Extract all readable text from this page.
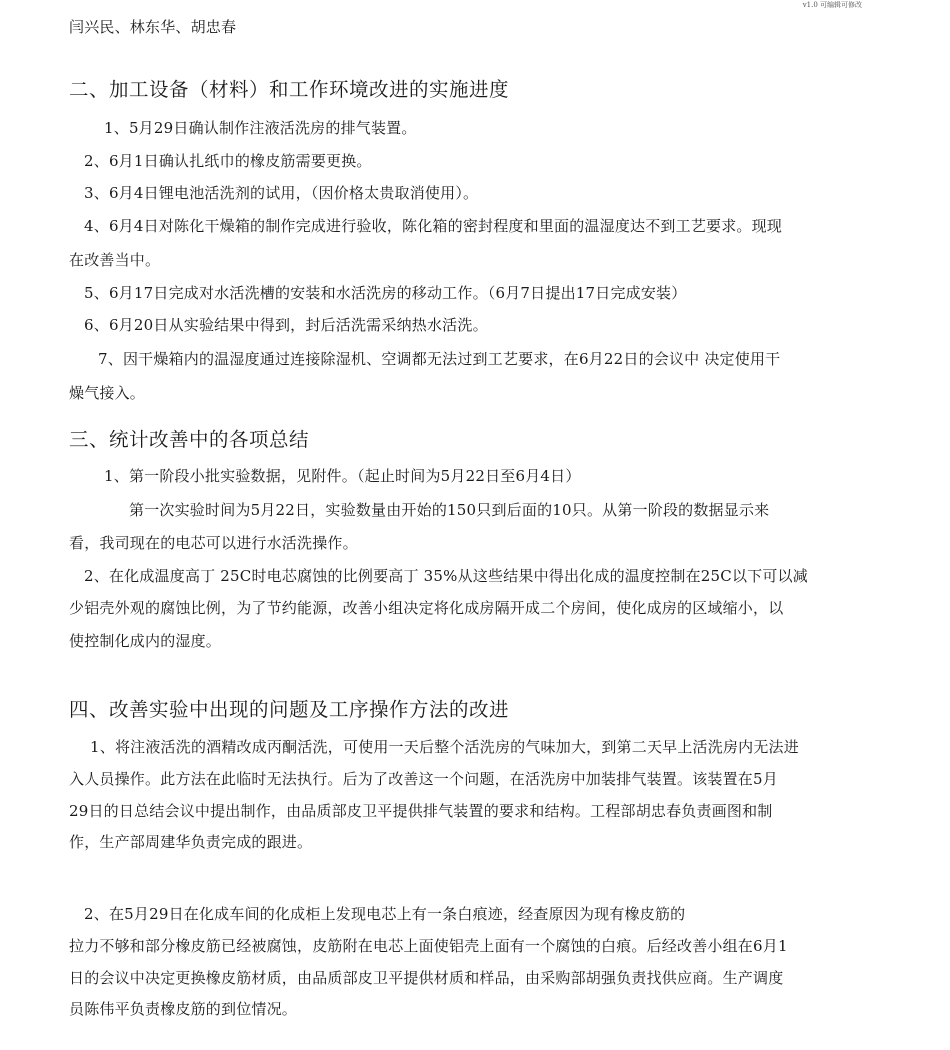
v1.0 可编辑可修改
闫兴民、林东华、胡忠春
二、加工设备（材料）和工作环境改进的实施进度
1、5月29日确认制作注液活洗房的排气装置。
2、6月1日确认扎纸巾的橡皮筋需要更换。
3、6月4日锂电池活洗剂的试用，（因价格太贵取消使用）。
4、6月4日对陈化干燥箱的制作完成进行验收，陈化箱的密封程度和里面的温湿度达不到工艺要求。现现
在改善当中。
5、6月17日完成对水活洗槽的安装和水活洗房的移动工作。（6月7日提出17日完成安装）
6、6月20日从实验结果中得到，封后活洗需采纳热水活洗。
7、因干燥箱内的温湿度通过连接除湿机、空调都无法过到工艺要求，在6月22日的会议中 决定使用干
燥气接入。
三、统计改善中的各项总结
1、第一阶段小批实验数据，见附件。（起止时间为5月22日至6月4日）
第一次实验时间为5月22日，实验数量由开始的150只到后面的10只。从第一阶段的数据显示来
看，我司现在的电芯可以进行水活洗操作。
2、在化成温度高丁 25C时电芯腐蚀的比例要高丁 35%从这些结果中得出化成的温度控制在25C以下可以减
少铝壳外观的腐蚀比例，为了节约能源，改善小组决定将化成房隔开成二个房间，使化成房的区域缩小，以
使控制化成内的湿度。
四、改善实验中出现的问题及工序操作方法的改进
1、将注液活洗的酒精改成丙酮活洗，可使用一天后整个活洗房的气味加大，到第二天早上活洗房内无法进
入人员操作。此方法在此临时无法执行。后为了改善这一个问题，在活洗房中加装排气装置。该装置在5月
29日的日总结会议中提出制作，由品质部皮卫平提供排气装置的要求和结构。工程部胡忠春负责画图和制
作，生产部周建华负责完成的跟进。
2、在5月29日在化成车间的化成柜上发现电芯上有一条白痕迹，经查原因为现有橡皮筋的
拉力不够和部分橡皮筋已经被腐蚀，皮筋附在电芯上面使铝壳上面有一个腐蚀的白痕。后经改善小组在6月1
日的会议中决定更换橡皮筋材质，由品质部皮卫平提供材质和样品，由采购部胡强负责找供应商。生产调度
员陈伟平负责橡皮筋的到位情况。
